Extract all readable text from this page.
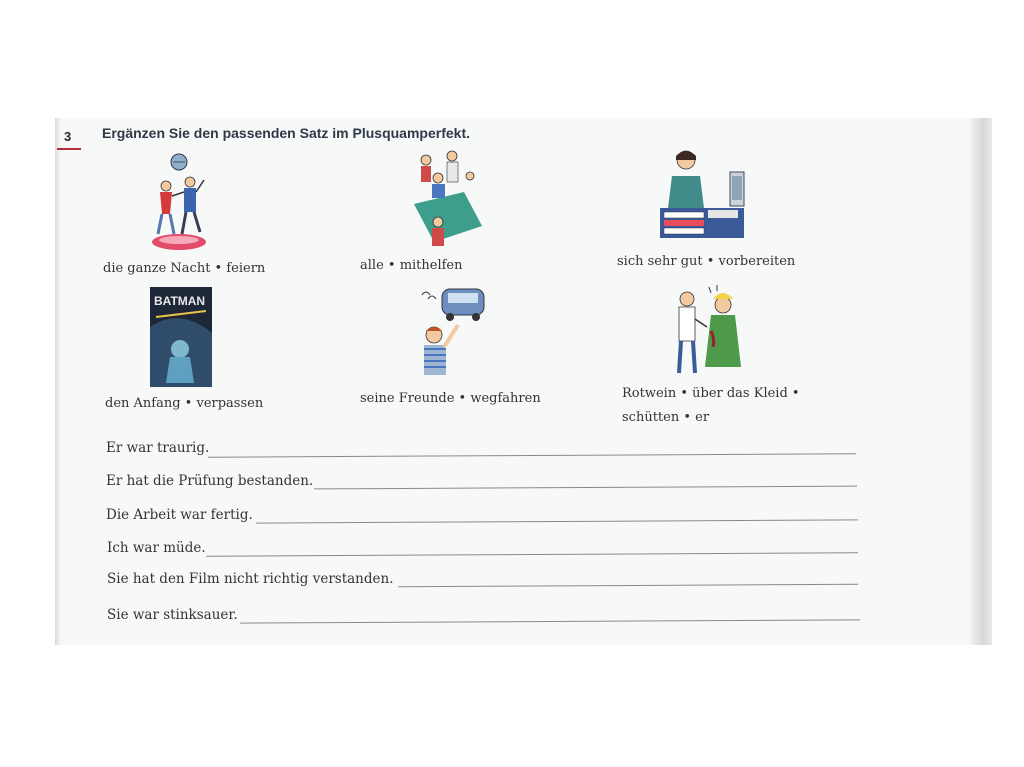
3 Ergänzen Sie den passenden Satz im Plusquamperfekt.
BATMAN
die ganze Nacht • feiern	alle • mithelfen	sich sehr gut • vorbereiten
den Anfang • verpassen	seine Freunde • wegfahren	Rotwein • über das Kleid •
schütten • er
Er war traurig.
Er hat die Prüfung bestanden.
Die Arbeit war fertig.
Ich war müde.
Sie hat den Film nicht richtig verstanden.
Sie war stinksauer.
